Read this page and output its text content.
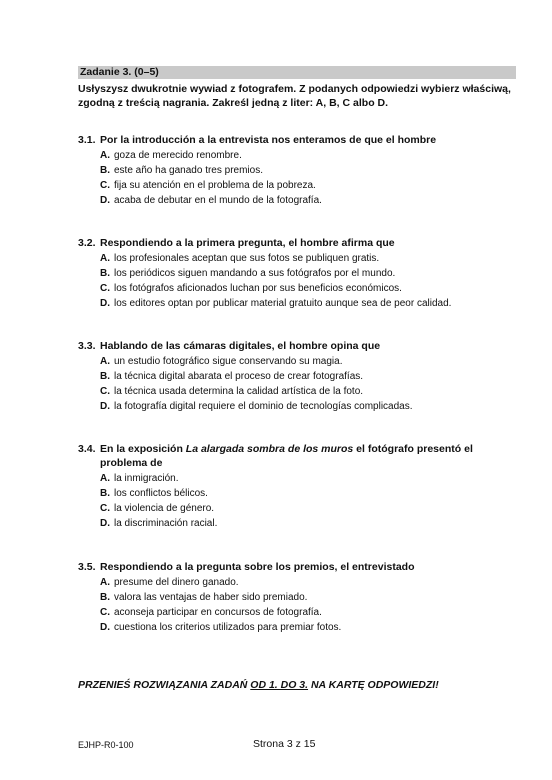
Zadanie 3. (0–5)
Usłyszysz dwukrotnie wywiad z fotografem. Z podanych odpowiedzi wybierz właściwą, zgodną z treścią nagrania. Zakreśl jedną z liter: A, B, C albo D.
3.1. Por la introducción a la entrevista nos enteramos de que el hombre
A. goza de merecido renombre.
B. este año ha ganado tres premios.
C. fija su atención en el problema de la pobreza.
D. acaba de debutar en el mundo de la fotografía.
3.2. Respondiendo a la primera pregunta, el hombre afirma que
A. los profesionales aceptan que sus fotos se publiquen gratis.
B. los periódicos siguen mandando a sus fotógrafos por el mundo.
C. los fotógrafos aficionados luchan por sus beneficios económicos.
D. los editores optan por publicar material gratuito aunque sea de peor calidad.
3.3. Hablando de las cámaras digitales, el hombre opina que
A. un estudio fotográfico sigue conservando su magia.
B. la técnica digital abarata el proceso de crear fotografías.
C. la técnica usada determina la calidad artística de la foto.
D. la fotografía digital requiere el dominio de tecnologías complicadas.
3.4. En la exposición La alargada sombra de los muros el fotógrafo presentó el problema de
A. la inmigración.
B. los conflictos bélicos.
C. la violencia de género.
D. la discriminación racial.
3.5. Respondiendo a la pregunta sobre los premios, el entrevistado
A. presume del dinero ganado.
B. valora las ventajas de haber sido premiado.
C. aconseja participar en concursos de fotografía.
D. cuestiona los criterios utilizados para premiar fotos.
PRZENIEŚ ROZWIĄZANIA ZADAŃ OD 1. DO 3. NA KARTĘ ODPOWIEDZI!
EJHP-R0-100	Strona 3 z 15
